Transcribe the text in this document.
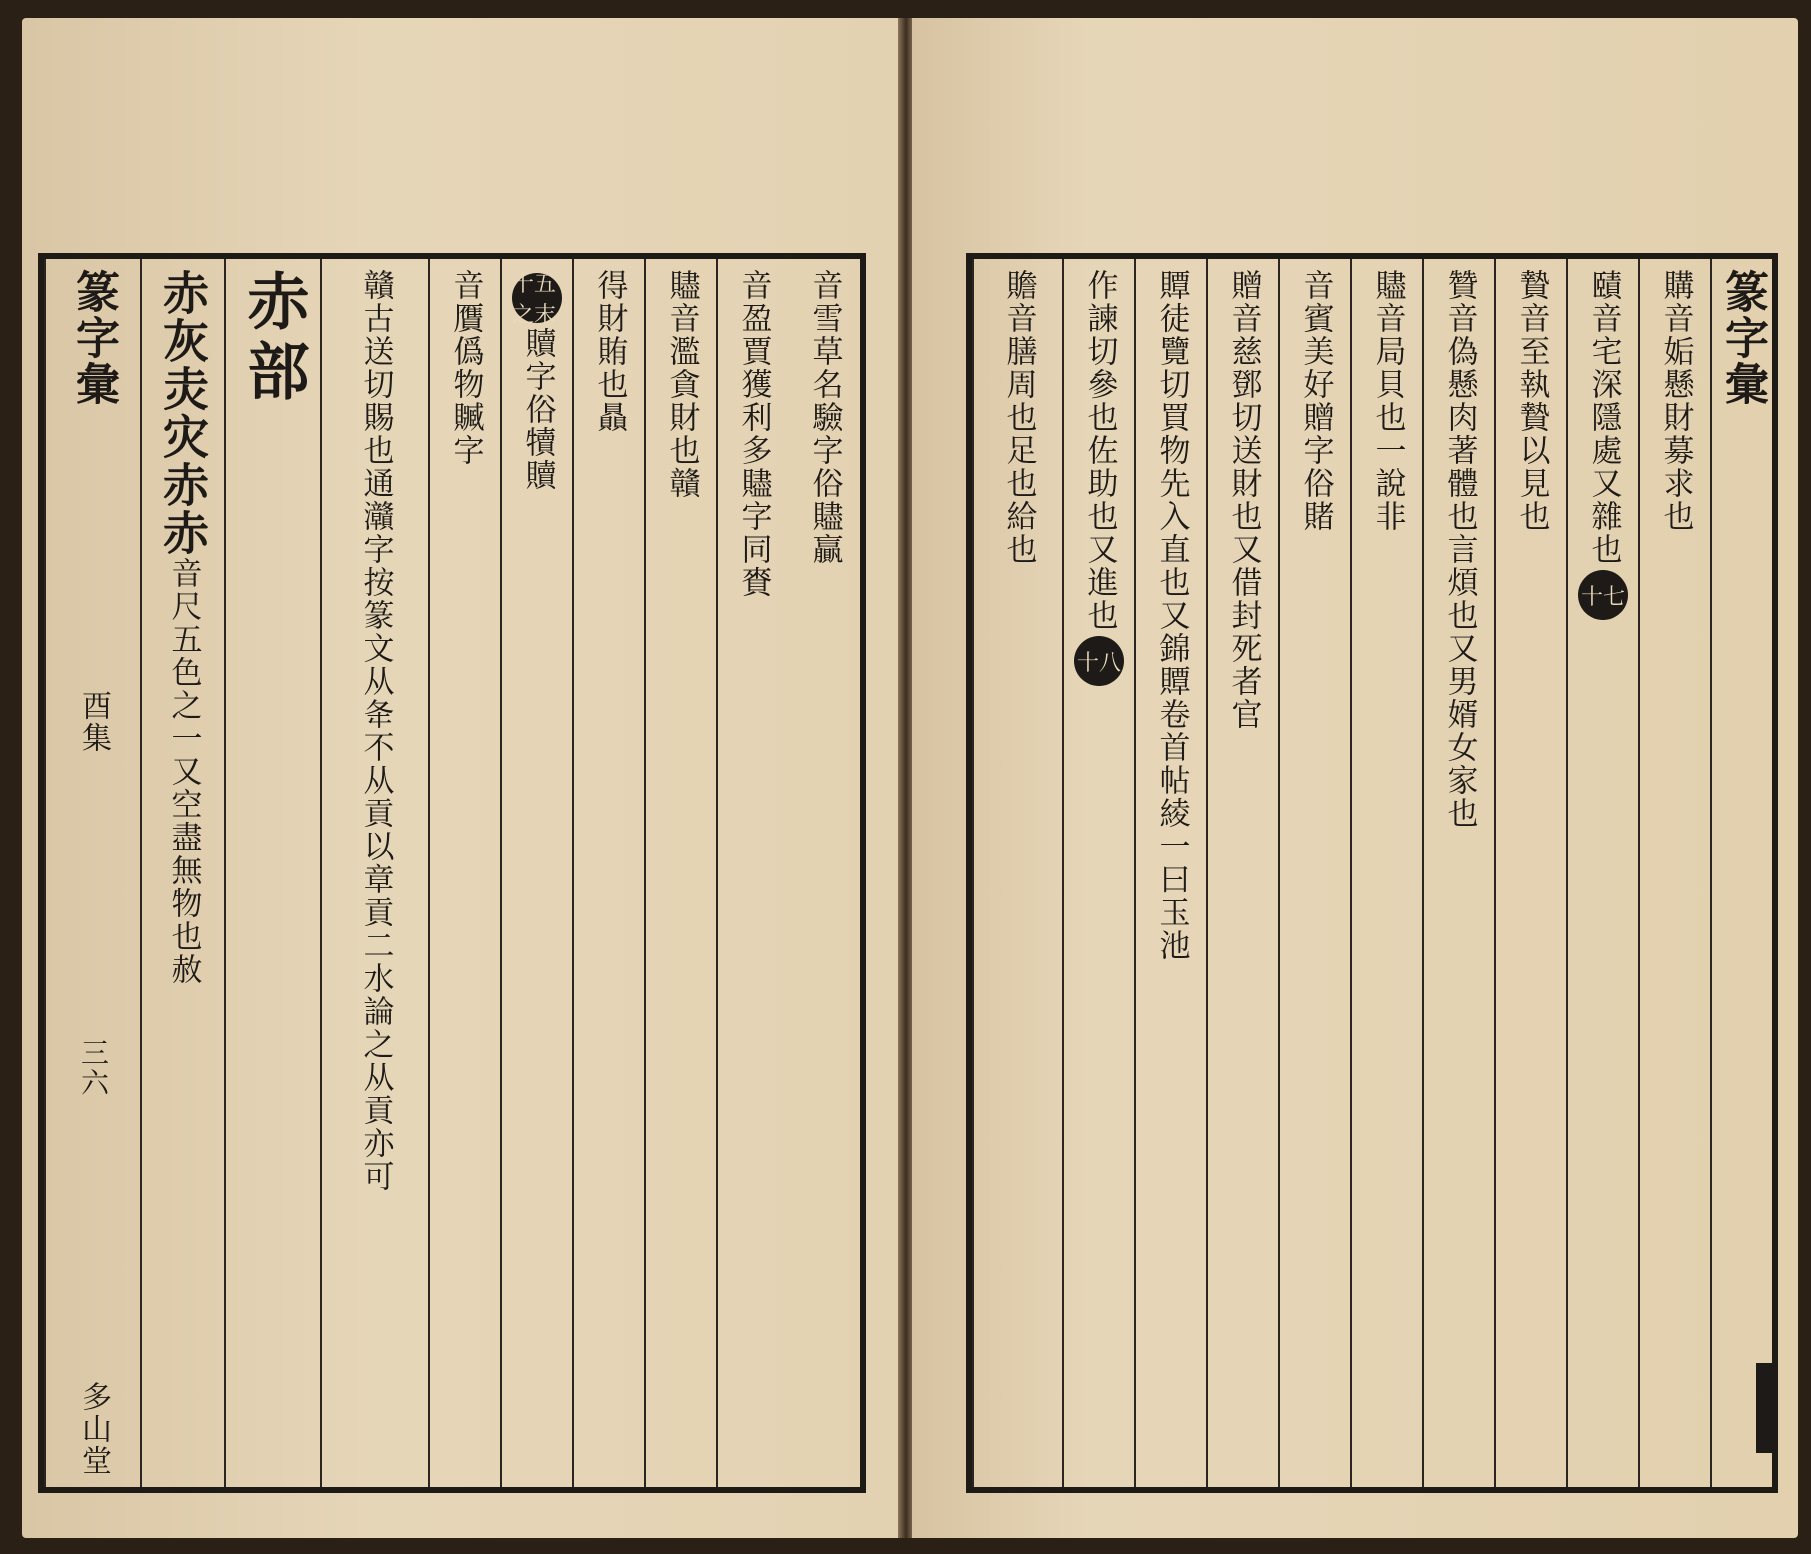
音雪草名驗字俗贐贏
音盈賈獲利多贐字同賚
贐音濫貪財也贛
得財賄也贔
十五之末
贖字俗犢贖
音贋僞物贓字
贛古送切賜也通灨字按篆文从夅不从貢以章貢二水論之从貢亦可
赤部
赤灰灻灾赤赤
音尺五色之一又空盡無物也赦
篆字彙
酉集
三六
多山堂
篆字彙
購音姤懸財募求也
賾音宅深隱處又雜也
十七
贄音至執贄以見也
贊音偽懸肉著體也言煩也又男婿女家也
贐音局貝也一說非
音賓美好贈字俗賭
贈音慈鄧切送財也又借封死者官
贉徒覽切買物先入直也又錦贉卷首帖綾一曰玉池
作諫切參也佐助也又進也
十八
贍音膳周也足也給也
